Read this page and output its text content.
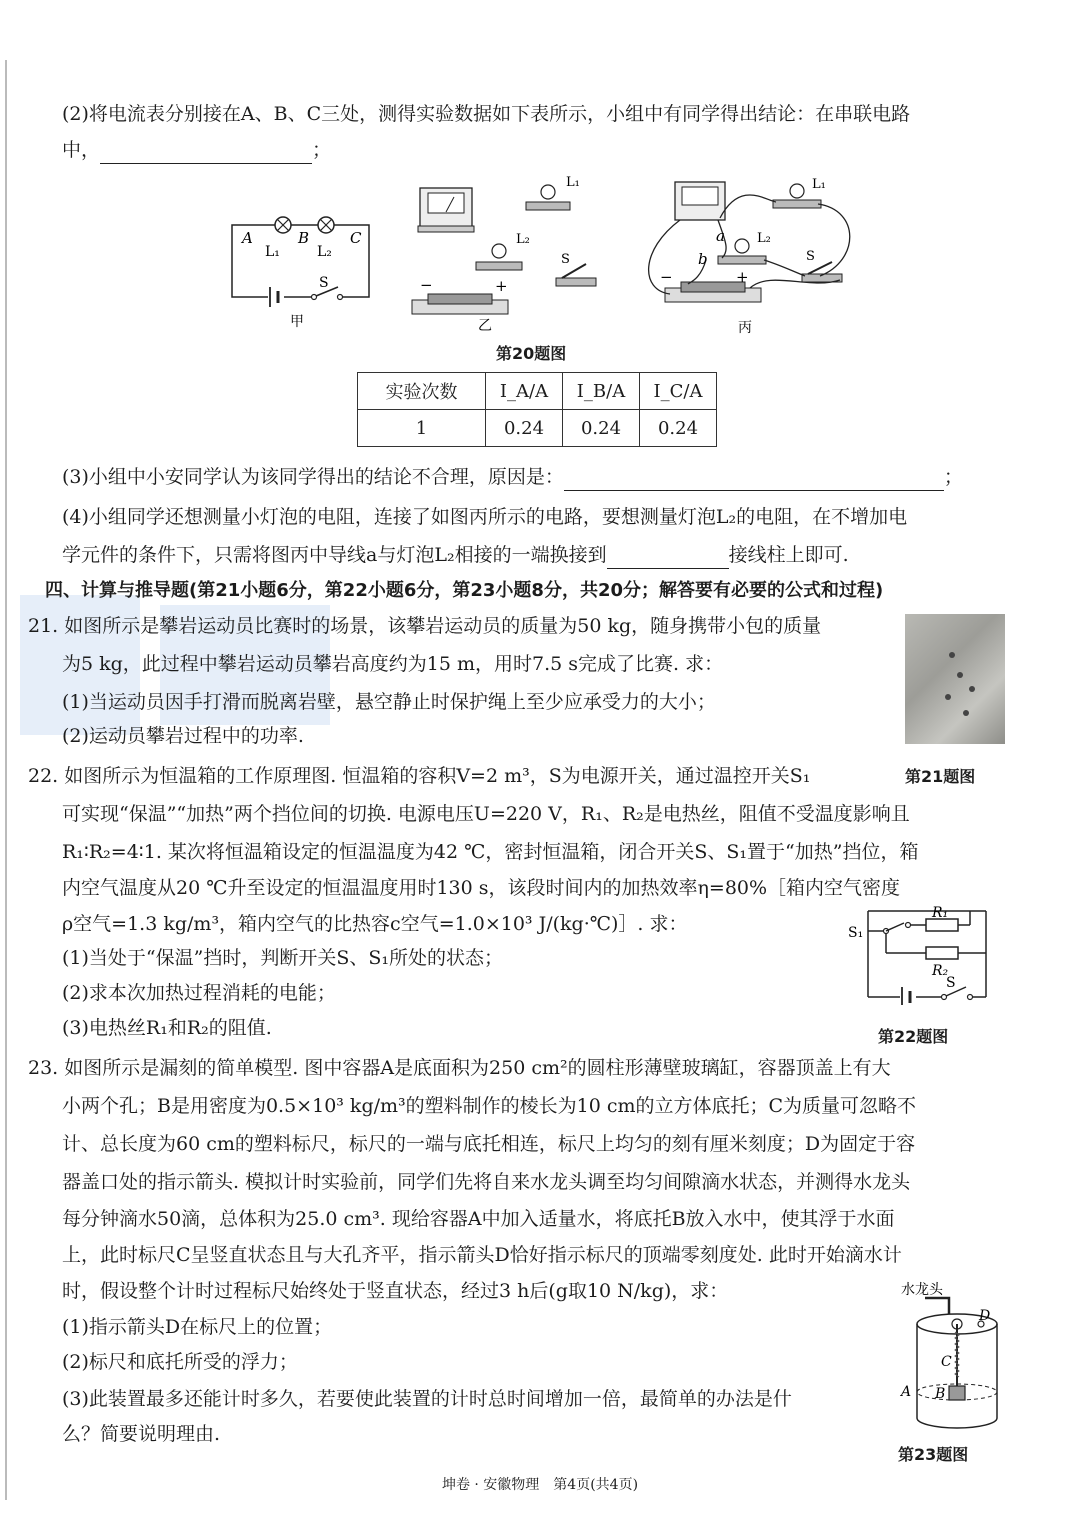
(2)将电流表分别接在A、B、C三处，测得实验数据如下表所示，小组中有同学得出结论：在串联电路
中，	；
A	B	C
L₁	L₂
S
甲
L₁
L₂
S
−	+
乙
L₁
L₂
S
−	+
a
b
丙
第20题图
实验次数	I_A/A	I_B/A	I_C/A
1	0.24	0.24	0.24
(3)小组中小安同学认为该同学得出的结论不合理，原因是：	；
(4)小组同学还想测量小灯泡的电阻，连接了如图丙所示的电路，要想测量灯泡L₂的电阻，在不增加电
学元件的条件下，只需将图丙中导线a与灯泡L₂相接的一端换接到	接线柱上即可.
四、计算与推导题(第21小题6分，第22小题6分，第23小题8分，共20分；解答要有必要的公式和过程)
21. 如图所示是攀岩运动员比赛时的场景，该攀岩运动员的质量为50 kg，随身携带小包的质量
为5 kg，此过程中攀岩运动员攀岩高度约为15 m，用时7.5 s完成了比赛. 求：
(1)当运动员因手打滑而脱离岩壁，悬空静止时保护绳上至少应承受力的大小；
(2)运动员攀岩过程中的功率.
第21题图
22. 如图所示为恒温箱的工作原理图. 恒温箱的容积V=2 m³，S为电源开关，通过温控开关S₁
可实现“保温”“加热”两个挡位间的切换. 电源电压U=220 V，R₁、R₂是电热丝，阻值不受温度影响且
R₁∶R₂=4∶1. 某次将恒温箱设定的恒温温度为42 ℃，密封恒温箱，闭合开关S、S₁置于“加热”挡位，箱
内空气温度从20 ℃升至设定的恒温温度用时130 s，该段时间内的加热效率η=80%［箱内空气密度
ρ空气=1.3 kg/m³，箱内空气的比热容c空气=1.0×10³ J/(kg·℃)］. 求：
(1)当处于“保温”挡时，判断开关S、S₁所处的状态；
(2)求本次加热过程消耗的电能；
(3)电热丝R₁和R₂的阻值.
S₁
R₁
R₂
S
第22题图
23. 如图所示是漏刻的简单模型. 图中容器A是底面积为250 cm²的圆柱形薄壁玻璃缸，容器顶盖上有大
小两个孔；B是用密度为0.5×10³ kg/m³的塑料制作的棱长为10 cm的立方体底托；C为质量可忽略不
计、总长度为60 cm的塑料标尺，标尺的一端与底托相连，标尺上均匀的刻有厘米刻度；D为固定于容
器盖口处的指示箭头. 模拟计时实验前，同学们先将自来水龙头调至均匀间隙滴水状态，并测得水龙头
每分钟滴水50滴，总体积为25.0 cm³. 现给容器A中加入适量水，将底托B放入水中，使其浮于水面
上，此时标尺C呈竖直状态且与大孔齐平，指示箭头D恰好指示标尺的顶端零刻度处. 此时开始滴水计
时，假设整个计时过程标尺始终处于竖直状态，经过3 h后(g取10 N/kg)，求：
(1)指示箭头D在标尺上的位置；
(2)标尺和底托所受的浮力；
(3)此装置最多还能计时多久，若要使此装置的计时总时间增加一倍，最简单的办法是什
么？简要说明理由.
水龙头
D
C
B
A
第23题图
坤卷 · 安徽物理　第4页(共4页)
